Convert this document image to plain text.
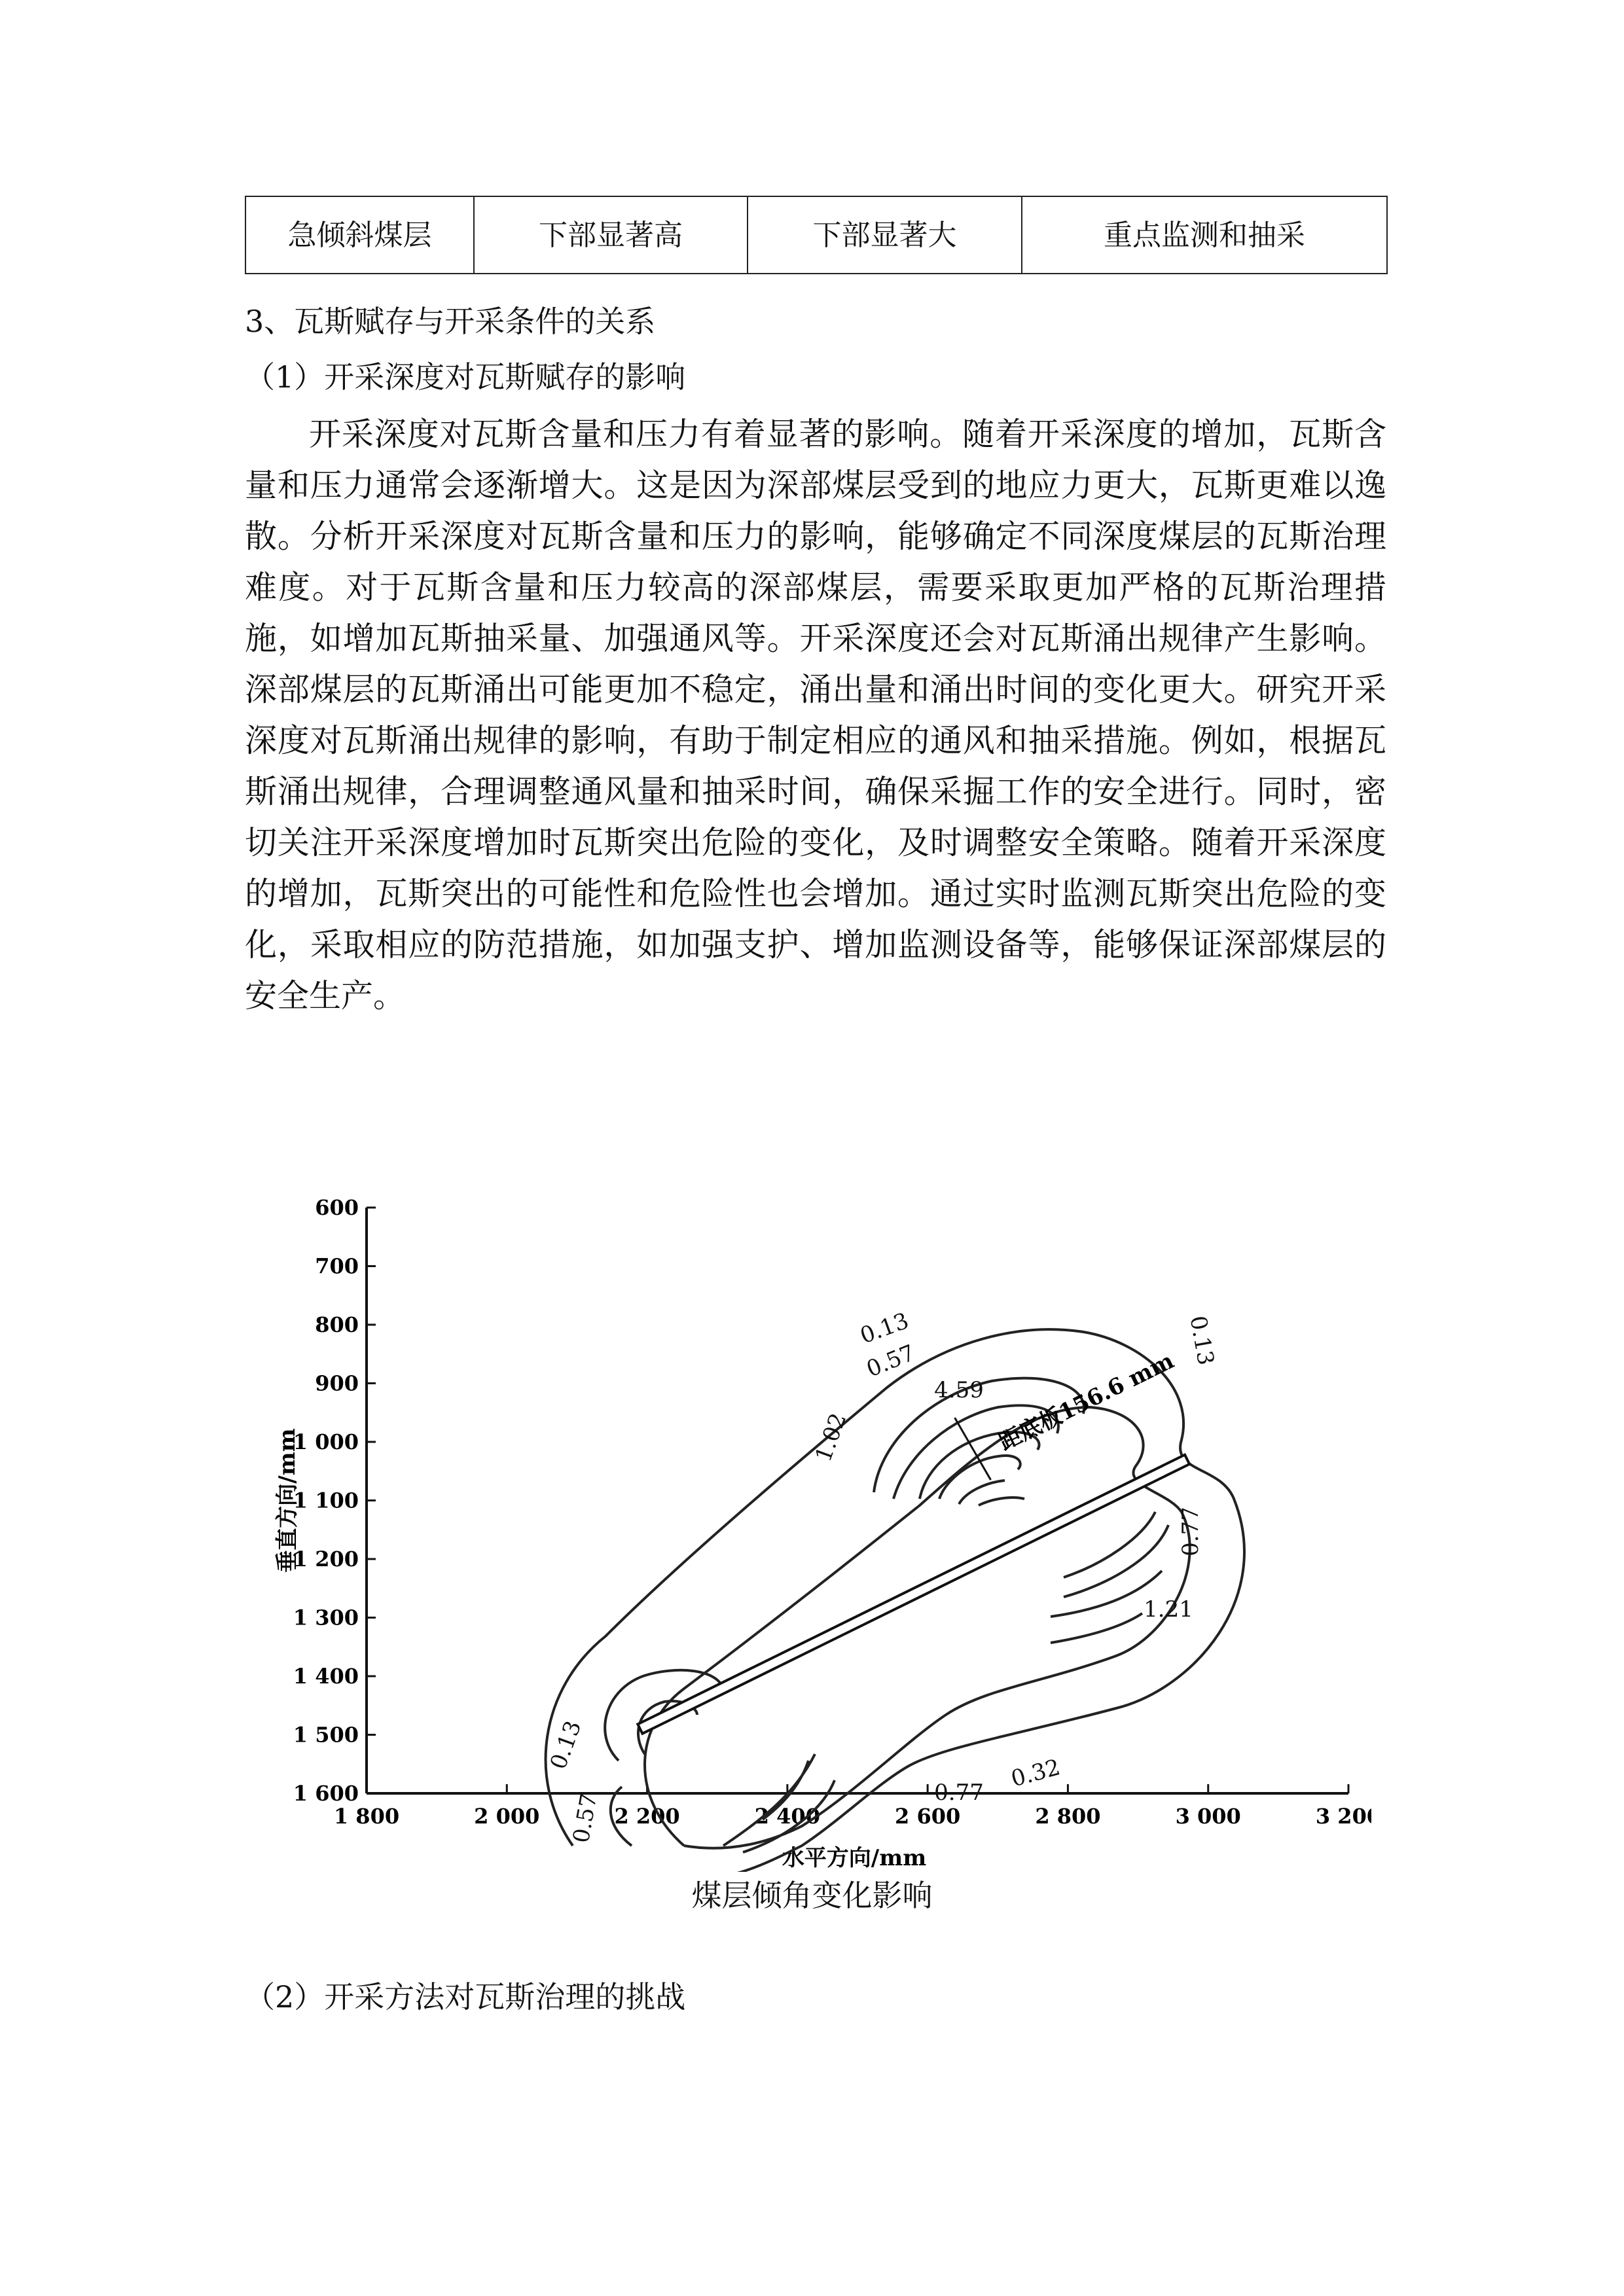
急倾斜煤层	下部显著高	下部显著大	重点监测和抽采
3、瓦斯赋存与开采条件的关系
（1）开采深度对瓦斯赋存的影响

开采深度对瓦斯含量和压力有着显著的影响。随着开采深度的增加，瓦斯含量和压力通常会逐渐增大。这是因为深部煤层受到的地应力更大，瓦斯更难以逸散。分析开采深度对瓦斯含量和压力的影响，能够确定不同深度煤层的瓦斯治理难度。对于瓦斯含量和压力较高的深部煤层，需要采取更加严格的瓦斯治理措施，如增加瓦斯抽采量、加强通风等。开采深度还会对瓦斯涌出规律产生影响。深部煤层的瓦斯涌出可能更加不稳定，涌出量和涌出时间的变化更大。研究开采深度对瓦斯涌出规律的影响，有助于制定相应的通风和抽采措施。例如，根据瓦斯涌出规律，合理调整通风量和抽采时间，确保采掘工作的安全进行。同时，密切关注开采深度增加时瓦斯突出危险的变化，及时调整安全策略。随着开采深度的增加，瓦斯突出的可能性和危险性也会增加。通过实时监测瓦斯突出危险的变化，采取相应的防范措施，如加强支护、增加监测设备等，能够保证深部煤层的安全生产。

600
700
800
900
1 000
1 100
1 200
1 300
1 400
1 500
1 600
1 800	2 000	2 200	2 400	2 600	2 800	3 000	3 20
水平方向/mm
垂直方向/mm
距底板156.6 mm
0.13
0.57
1.02
4.59
0.13
0.77
0.13
0.57
1.21
0.77
0.32
煤层倾角变化影响
（2）开采方法对瓦斯治理的挑战
